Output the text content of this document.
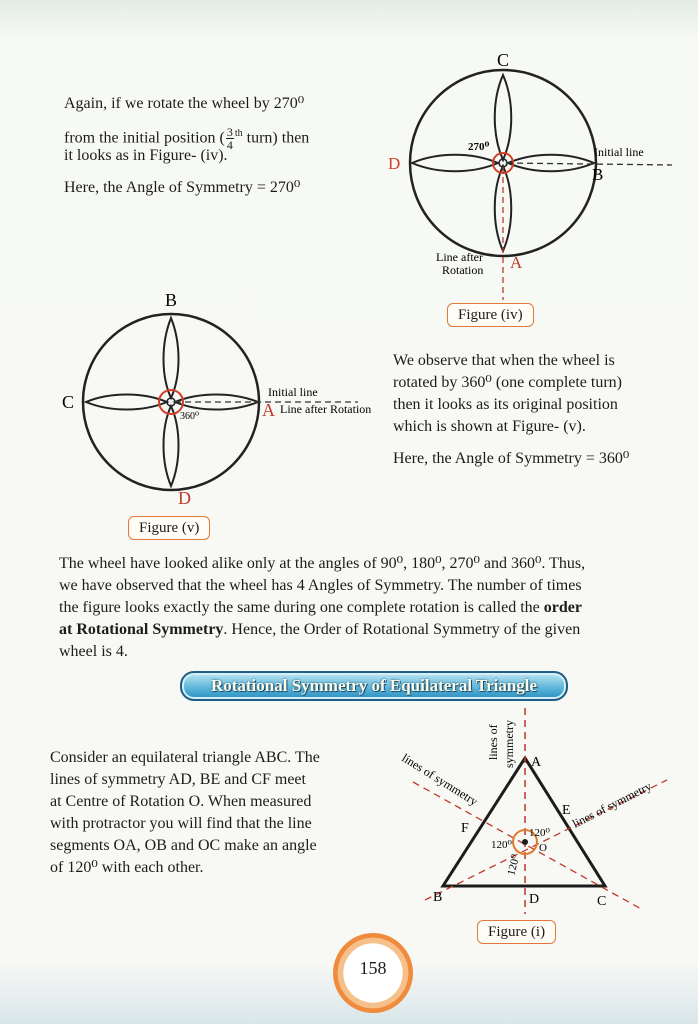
Again, if we rotate the wheel by 270⁰
from the initial position ( $\frac{3}{4} ^{th}$ turn) then
it looks as in Figure- (iv).
Here, the Angle of Symmetry = 270⁰
C
D
B
A
270⁰	Initial line
Line after
Rotation
Figure (iv)
B
C	A
D
360⁰
Initial line
Line after Rotation
Figure (v)
We observe that when the wheel is
rotated by 360⁰ (one complete turn)
then it looks as its original position
which is shown at Figure- (v).
Here, the Angle of Symmetry = 360⁰
The wheel have looked alike only at the angles of 90⁰, 180⁰, 270⁰ and 360⁰. Thus,
we have observed that the wheel has 4 Angles of Symmetry. The number of times
the figure looks exactly the same during one complete rotation is called the order
at Rotational Symmetry. Hence, the Order of Rotational Symmetry of the given
wheel is 4.
Rotational Symmetry of Equilateral Triangle
Consider an equilateral triangle ABC. The
lines of symmetry AD, BE and CF meet
at Centre of Rotation O. When measured
with protractor you will find that the line
segments OA, OB and OC make an angle
of 120⁰ with each other.
A
B	C
D
E
F
O
120⁰
120⁰
120⁰
lines of symmetry
lines of symmetry	lines of symmetry
Figure (i)
158
